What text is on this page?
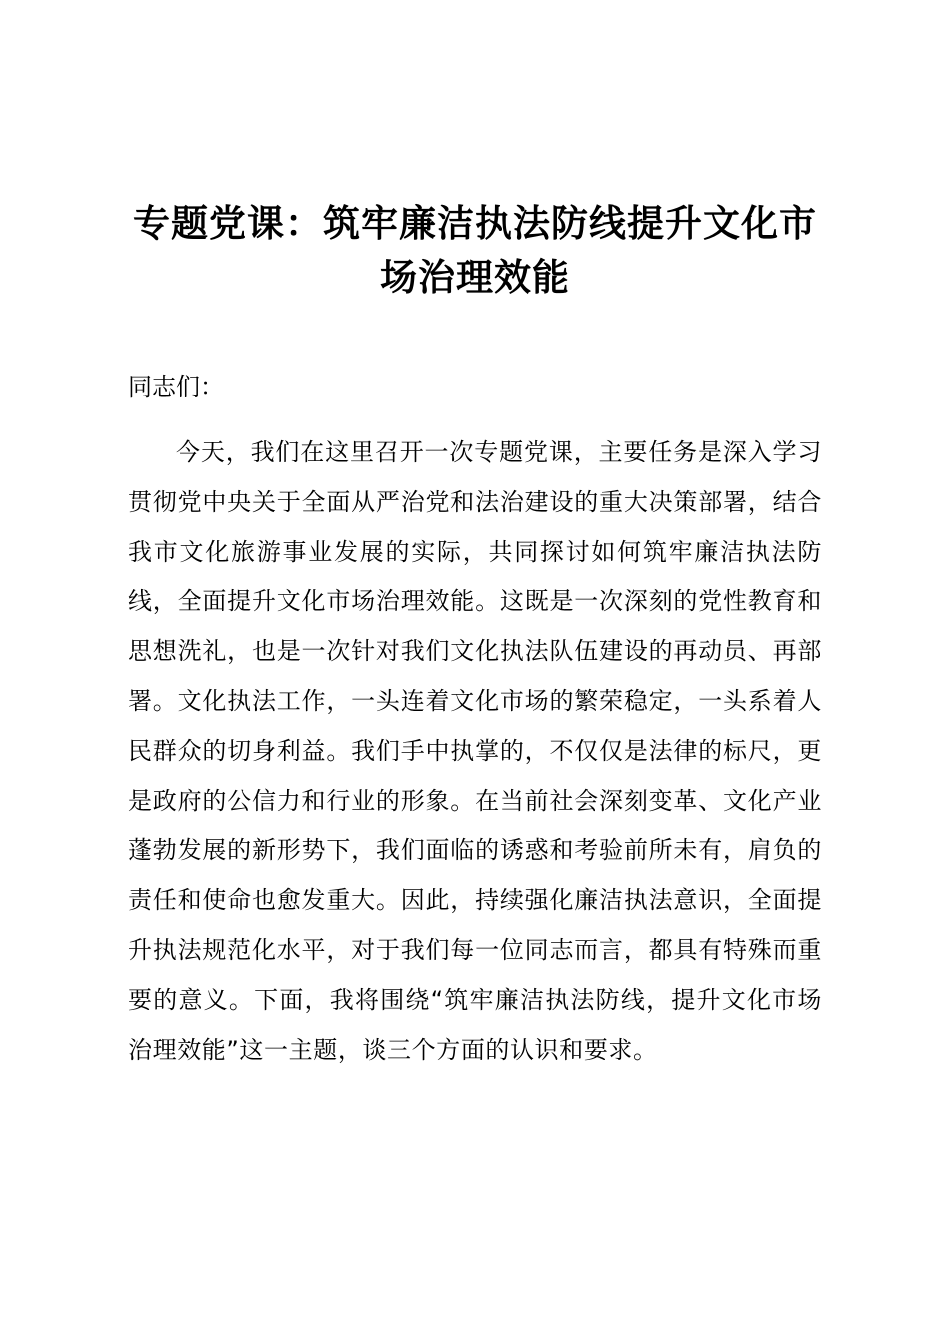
专题党课：筑牢廉洁执法防线提升文化市场治理效能
同志们：
今天，我们在这里召开一次专题党课，主要任务是深入学习贯彻党中央关于全面从严治党和法治建设的重大决策部署，结合我市文化旅游事业发展的实际，共同探讨如何筑牢廉洁执法防线，全面提升文化市场治理效能。这既是一次深刻的党性教育和思想洗礼，也是一次针对我们文化执法队伍建设的再动员、再部署。文化执法工作，一头连着文化市场的繁荣稳定，一头系着人民群众的切身利益。我们手中执掌的，不仅仅是法律的标尺，更是政府的公信力和行业的形象。在当前社会深刻变革、文化产业蓬勃发展的新形势下，我们面临的诱惑和考验前所未有，肩负的责任和使命也愈发重大。因此，持续强化廉洁执法意识，全面提升执法规范化水平，对于我们每一位同志而言，都具有特殊而重要的意义。下面，我将围绕“筑牢廉洁执法防线，提升文化市场治理效能”这一主题，谈三个方面的认识和要求。
